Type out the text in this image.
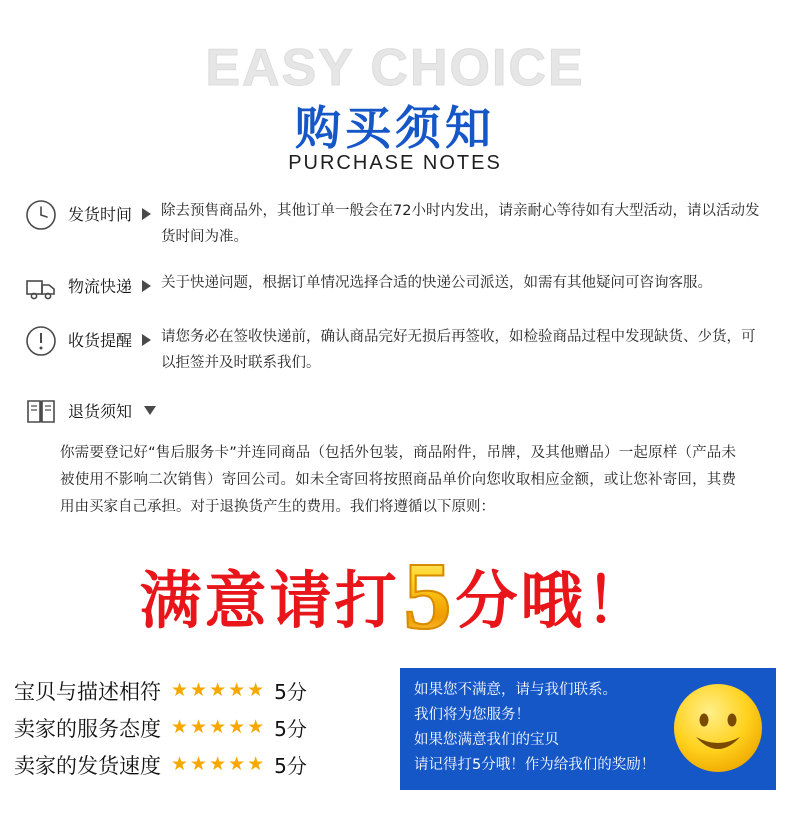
EASY CHOICE
购买须知
PURCHASE NOTES
发货时间 除去预售商品外，其他订单一般会在72小时内发出，请亲耐心等待如有大型活动，请以活动发货时间为准。
物流快递 关于快递问题，根据订单情况选择合适的快递公司派送，如需有其他疑问可咨询客服。
收货提醒 请您务必在签收快递前，确认商品完好无损后再签收，如检验商品过程中发现缺货、少货，可以拒签并及时联系我们。
退货须知
你需要登记好“售后服务卡”并连同商品（包括外包装，商品附件，吊牌，及其他赠品）一起原样（产品未被使用不影响二次销售）寄回公司。如未全寄回将按照商品单价向您收取相应金额，或让您补寄回，其费用由买家自己承担。对于退换货产生的费用。我们将遵循以下原则：
满意请打5分哦！
宝贝与描述相符 ★★★★★ 5分
卖家的服务态度 ★★★★★ 5分
卖家的发货速度 ★★★★★ 5分

如果您不满意，请与我们联系。

我们将为您服务！

如果您满意我们的宝贝

请记得打5分哦！作为给我们的奖励！
